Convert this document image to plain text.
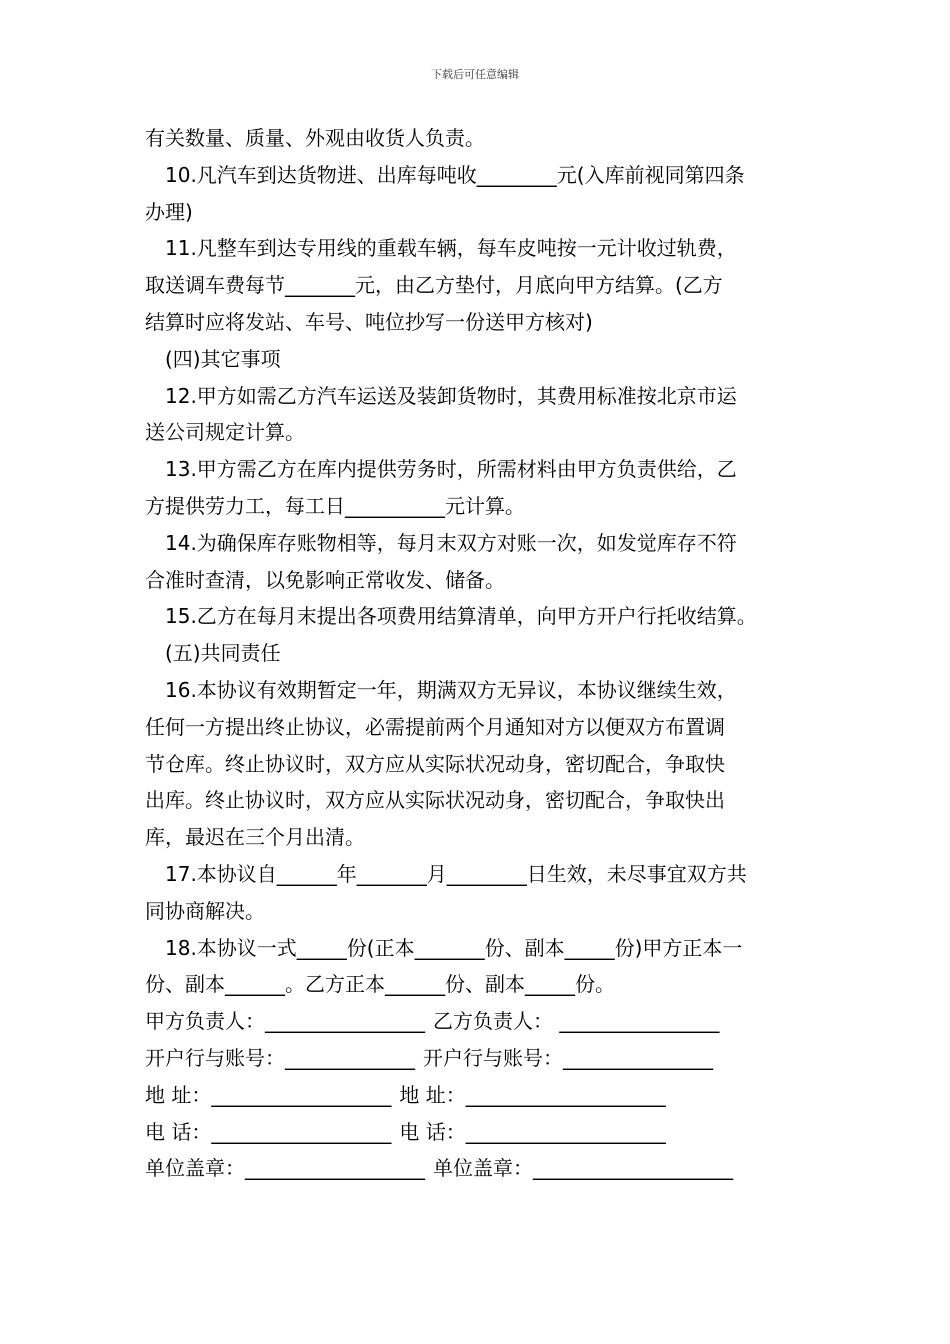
下载后可任意编辑

有关数量、质量、外观由收货人负责。

10.凡汽车到达货物进、出库每吨收________元(入库前视同第四条

办理)

11.凡整车到达专用线的重载车辆，每车皮吨按一元计收过轨费，

取送调车费每节_______元，由乙方垫付，月底向甲方结算。(乙方

结算时应将发站、车号、吨位抄写一份送甲方核对)

(四)其它事项

12.甲方如需乙方汽车运送及装卸货物时，其费用标准按北京市运

送公司规定计算。

13.甲方需乙方在库内提供劳务时，所需材料由甲方负责供给，乙

方提供劳力工，每工日__________元计算。

14.为确保库存账物相等，每月末双方对账一次，如发觉库存不符

合准时查清，以免影响正常收发、储备。

15.乙方在每月末提出各项费用结算清单，向甲方开户行托收结算。

(五)共同责任

16.本协议有效期暂定一年，期满双方无异议，本协议继续生效，

任何一方提出终止协议，必需提前两个月通知对方以便双方布置调

节仓库。终止协议时，双方应从实际状况动身，密切配合，争取快

出库。终止协议时，双方应从实际状况动身，密切配合，争取快出

库，最迟在三个月出清。

17.本协议自______年_______月________日生效，未尽事宜双方共

同协商解决。

18.本协议一式_____份(正本_______份、副本_____份)甲方正本一

份、副本______。乙方正本______份、副本_____份。

甲方负责人：________________ 乙方负责人： ________________

开户行与账号：_____________ 开户行与账号：_______________

地 址：__________________ 地 址：____________________

电 话：__________________ 电 话：____________________

单位盖章：__________________ 单位盖章：____________________
